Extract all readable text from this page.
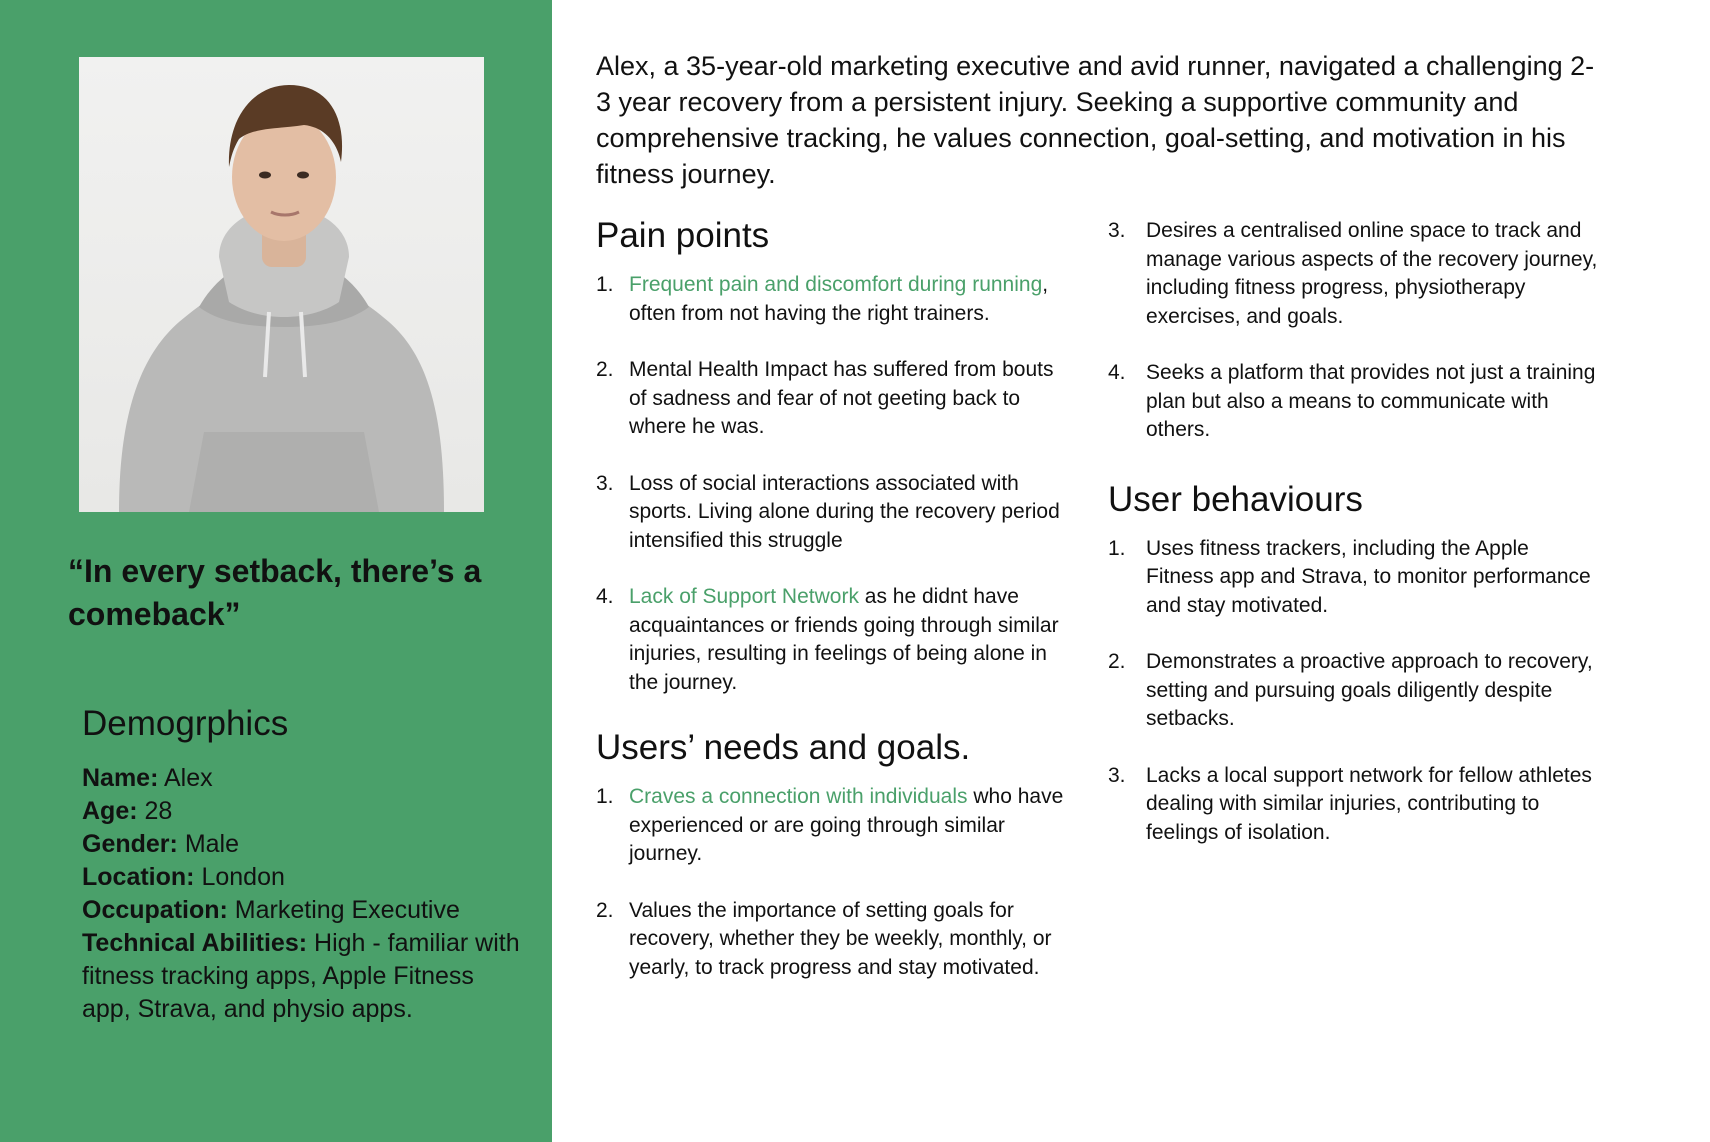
“In every setback, there’s a comeback”
Demogrphics
Name: Alex
Age: 28
Gender: Male
Location: London
Occupation: Marketing Executive
Technical Abilities: High - familiar with fitness tracking apps, Apple Fitness app, Strava, and physio apps.
Alex, a 35-year-old marketing executive and avid runner, navigated a challenging 2-3 year recovery from a persistent injury. Seeking a supportive community and comprehensive tracking, he values connection, goal-setting, and motivation in his fitness journey.
Pain points
1. Frequent pain and discomfort during running, often from not having the right trainers.
2. Mental Health Impact has suffered from bouts of sadness and fear of not geeting back to where he was.
3. Loss of social interactions associated with sports. Living alone during the recovery period intensified this struggle
4. Lack of Support Network as he didnt have acquaintances or friends going through similar injuries, resulting in feelings of being alone in the journey.
Users’ needs and goals.
1. Craves a connection with individuals who have experienced or are going through similar journey.
2. Values the importance of setting goals for recovery, whether they be weekly, monthly, or yearly, to track progress and stay motivated.
3. Desires a centralised online space to track and manage various aspects of the recovery journey, including fitness progress, physiotherapy exercises, and goals.
4. Seeks a platform that provides not just a training plan but also a means to communicate with others.
User behaviours
1. Uses fitness trackers, including the Apple Fitness app and Strava, to monitor performance and stay motivated.
2. Demonstrates a proactive approach to recovery, setting and pursuing goals diligently despite setbacks.
3. Lacks a local support network for fellow athletes dealing with similar injuries, contributing to feelings of isolation.
